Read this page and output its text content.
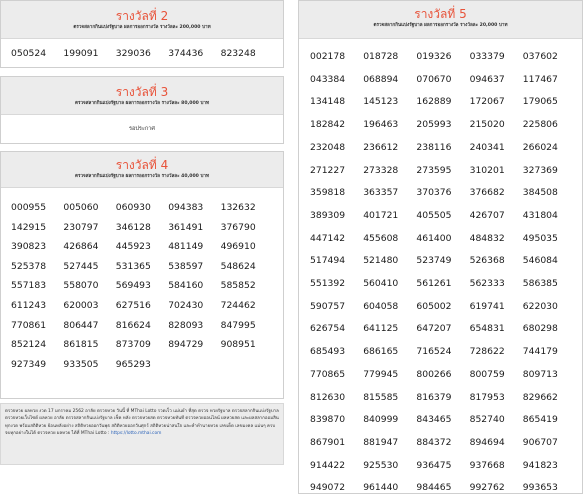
รางวัลที่ 2
ตรวจสลากกินแบ่งรัฐบาล ผลการออกรางวัล รางวัลละ 200,000 บาท
050524	199091	329036	374436	823248
รางวัลที่ 3
ตรวจสลากกินแบ่งรัฐบาล ผลการออกรางวัล รางวัลละ 80,000 บาท
รอประกาศ
รางวัลที่ 4
ตรวจสลากกินแบ่งรัฐบาล ผลการออกรางวัล รางวัลละ 40,000 บาท
000955	005060	060930	094383	132632
142915	230797	346128	361491	376790
390823	426864	445923	481149	496910
525378	527445	531365	538597	548624
557183	558070	569493	584160	585852
611243	620003	627516	702430	724462
770861	806447	816624	828093	847995
852124	861815	873709	894729	908951
927349	933505	965293
ตรวจหวย ผลหวย งวด 17 มกราคม 2562 อาลัย ตรวจหวย วันนี้ ที่ MThai Lotto รวดเร็ว แม่นยำ ที่สุด ตรวจ หวยรัฐบาล ตรวจสลากกินแบ่งรัฐบาล ตรวจหวยเว็บไซต์ ผลหวย อาลัย ตรวจสลากกินแบ่งรัฐบาล เช็ค หลัง ตรวจหวยสด ตรวจหวยทันที ตรวจหวยออนไลน์ ผลหวยสด และผลสลากออมสิน ทุกงวด พร้อมสถิติหวย ย้อนหลังอย่าง สถิติหวยออกวันพุธ สถิติหวยออกวันศุกร์ สถิติหวยน่าสนใจ และคำทำนายหวย เลขเด็ด เลขมงคล แม่นๆ ครบจบทุกอย่างในได้ ตรวจหวย ผลหวย ได้ที่ MThai Lotto : https://lotto.mthai.com
รางวัลที่ 5
ตรวจสลากกินแบ่งรัฐบาล ผลการออกรางวัล รางวัลละ 20,000 บาท
002178	018728	019326	033379	037602
043384	068894	070670	094637	117467
134148	145123	162889	172067	179065
182842	196463	205993	215020	225806
232048	236612	238116	240341	266024
271227	273328	273595	310201	327369
359818	363357	370376	376682	384508
389309	401721	405505	426707	431804
447142	455608	461400	484832	495035
517494	521480	523749	526368	546084
551392	560410	561261	562333	586385
590757	604058	605002	619741	622030
626754	641125	647207	654831	680298
685493	686165	716524	728622	744179
770865	779945	800266	800759	809713
812630	815585	816379	817953	829662
839870	840999	843465	852740	865419
867901	881947	884372	894694	906707
914422	925530	936475	937668	941823
949072	961440	984465	992762	993653
